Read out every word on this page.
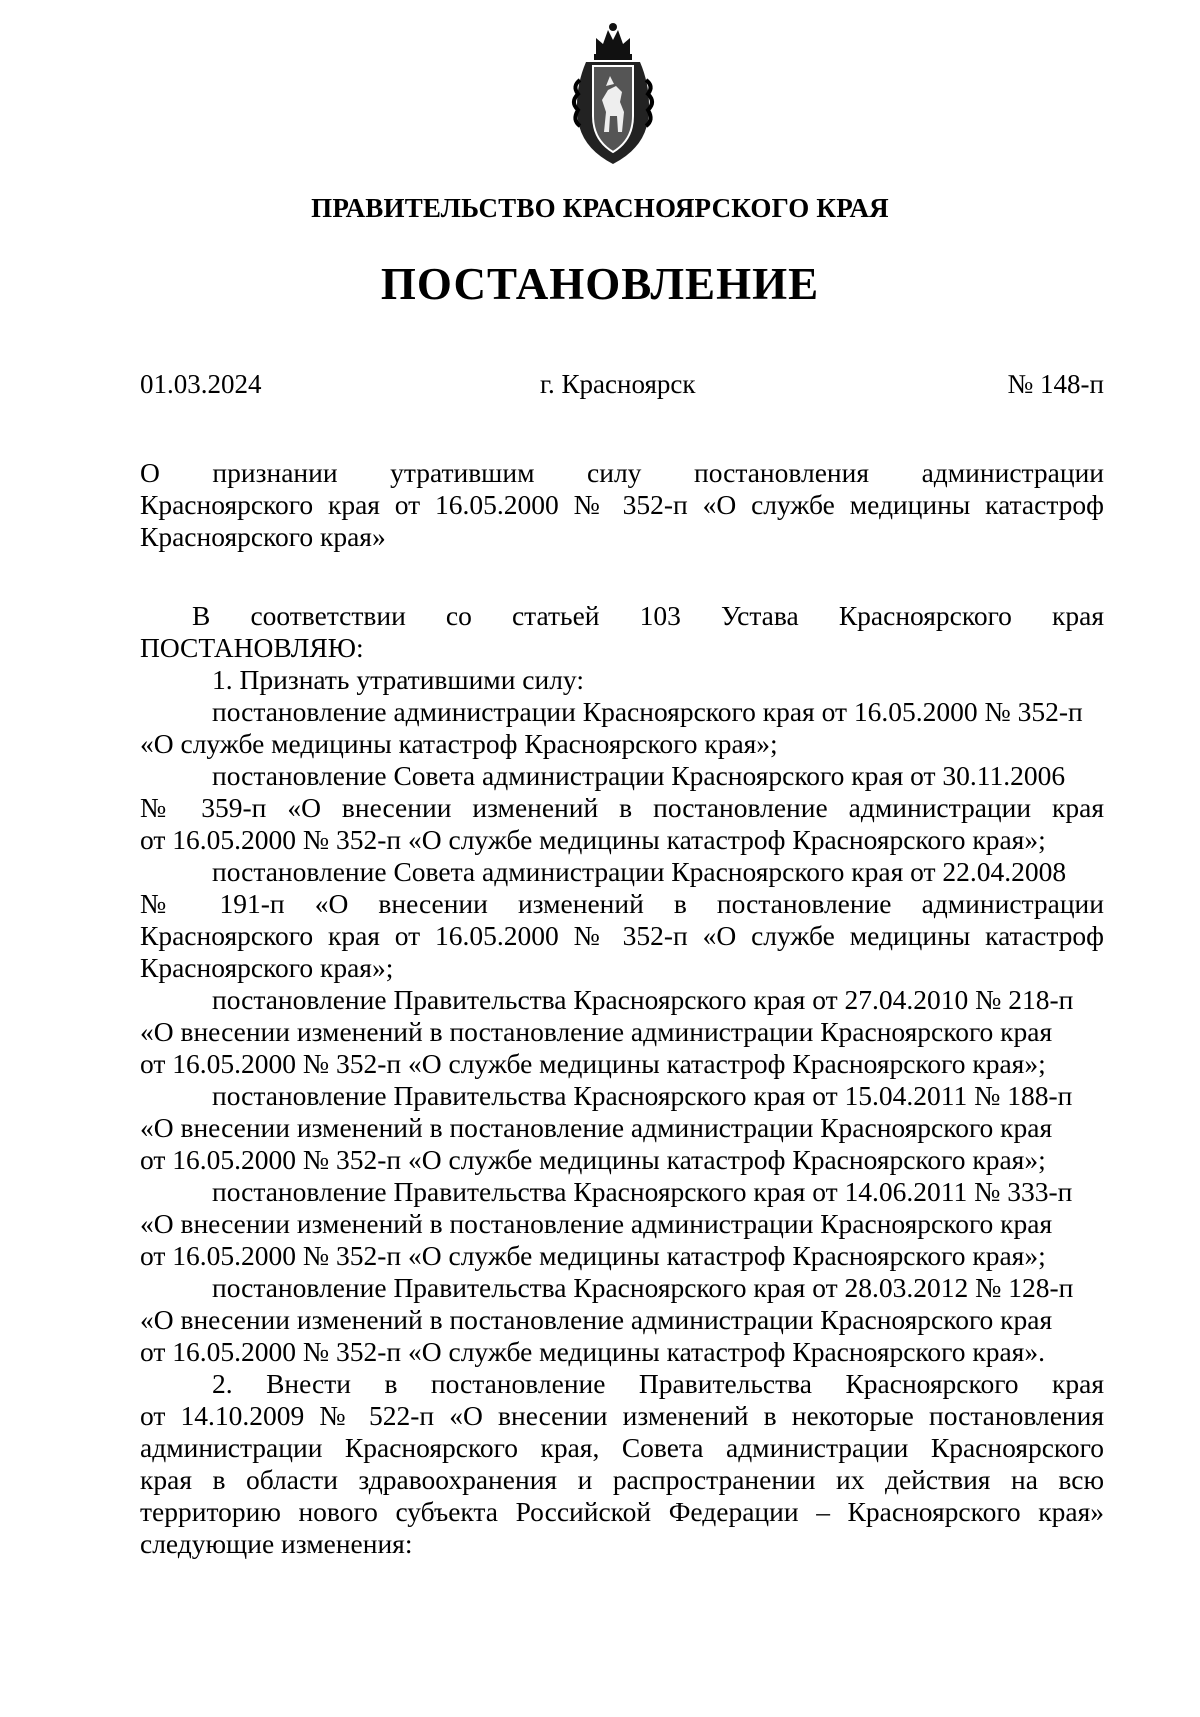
ПРАВИТЕЛЬСТВО КРАСНОЯРСКОГО КРАЯ
ПОСТАНОВЛЕНИЕ
01.03.2024	г. Красноярск	№ 148-п
О признании утратившим силу постановления администрации
Красноярского края от 16.05.2000 № 352-п «О службе медицины катастроф
Красноярского края»
В соответствии со статьей 103 Устава Красноярского края
ПОСТАНОВЛЯЮ:
1. Признать утратившими силу:
постановление администрации Красноярского края от 16.05.2000 № 352-п
«О службе медицины катастроф Красноярского края»;
постановление Совета администрации Красноярского края от 30.11.2006
№ 359-п «О внесении изменений в постановление администрации края
от 16.05.2000 № 352-п «О службе медицины катастроф Красноярского края»;
постановление Совета администрации Красноярского края от 22.04.2008
№ 191-п «О внесении изменений в постановление администрации
Красноярского края от 16.05.2000 № 352-п «О службе медицины катастроф
Красноярского края»;
постановление Правительства Красноярского края от 27.04.2010 № 218-п
«О внесении изменений в постановление администрации Красноярского края
от 16.05.2000 № 352-п «О службе медицины катастроф Красноярского края»;
постановление Правительства Красноярского края от 15.04.2011 № 188-п
«О внесении изменений в постановление администрации Красноярского края
от 16.05.2000 № 352-п «О службе медицины катастроф Красноярского края»;
постановление Правительства Красноярского края от 14.06.2011 № 333-п
«О внесении изменений в постановление администрации Красноярского края
от 16.05.2000 № 352-п «О службе медицины катастроф Красноярского края»;
постановление Правительства Красноярского края от 28.03.2012 № 128-п
«О внесении изменений в постановление администрации Красноярского края
от 16.05.2000 № 352-п «О службе медицины катастроф Красноярского края».
2. Внести в постановление Правительства Красноярского края
от 14.10.2009 № 522-п «О внесении изменений в некоторые постановления
администрации Красноярского края, Совета администрации Красноярского
края в области здравоохранения и распространении их действия на всю
территорию нового субъекта Российской Федерации – Красноярского края»
следующие изменения:
